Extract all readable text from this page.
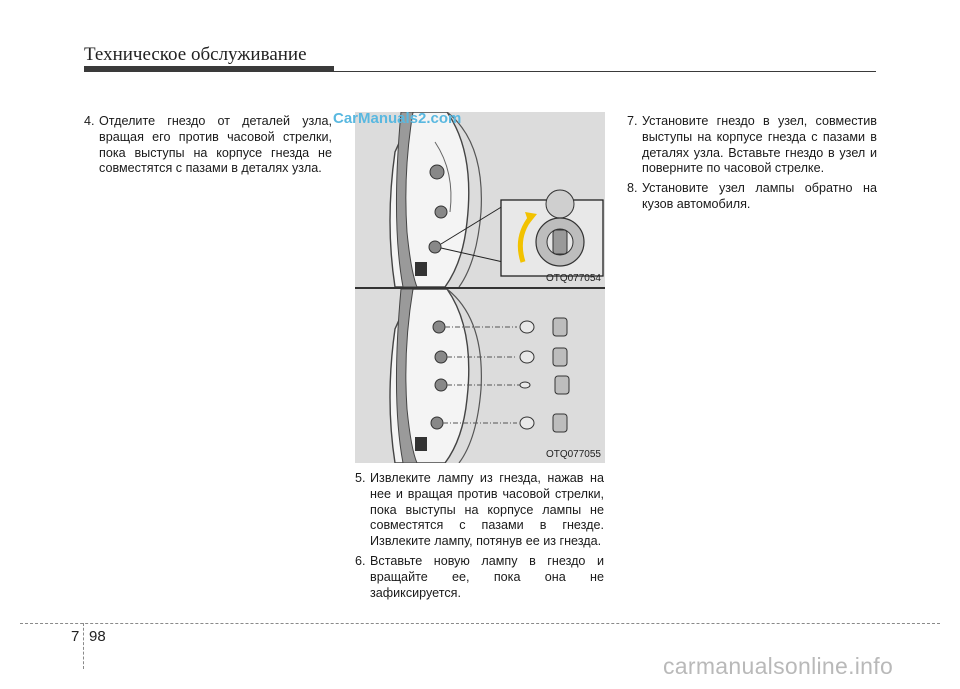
Техническое обслуживание
4. Отделите гнездо от деталей узла, вращая его против часовой стрелки, пока выступы на корпусе гнезда не совместятся с пазами в деталях узла.
OTQ077054
OTQ077055
5. Извлеките лампу из гнезда, нажав на нее и вращая против часовой стрелки, пока выступы на корпусе лампы не совместятся с пазами в гнезде. Извлеките лампу, потянув ее из гнезда.
6. Вставьте новую лампу в гнездо и вращайте ее, пока она не зафиксируется.
7. Установите гнездо в узел, совместив выступы на корпусе гнезда с пазами в деталях узла. Вставьте гнездо в узел и поверните по часовой стрелке.
8. Установите узел лампы обратно на кузов автомобиля.
CarManuals2.com
7 98
carmanualsonline.info
